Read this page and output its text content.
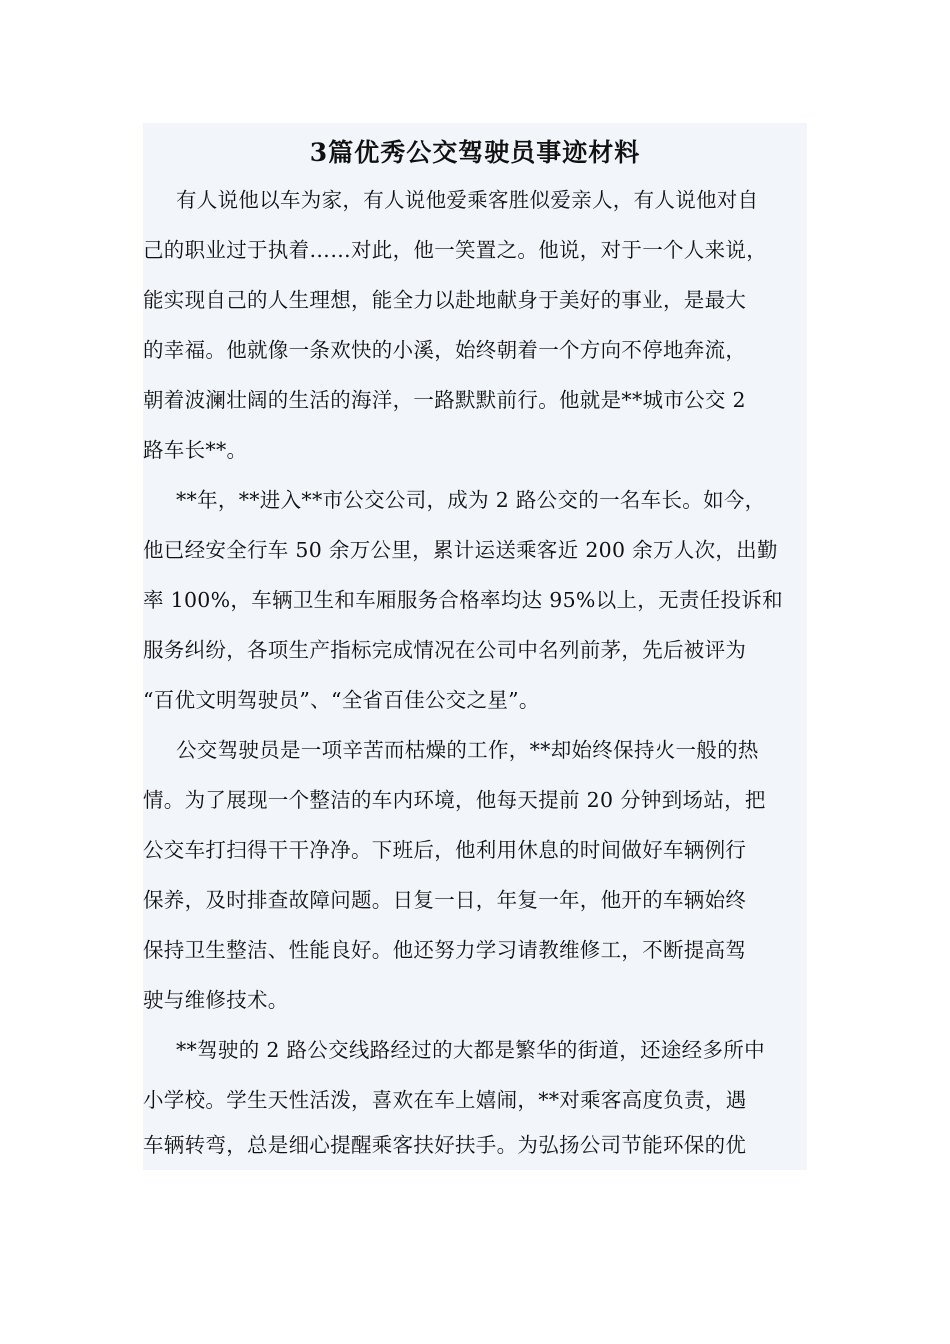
3篇优秀公交驾驶员事迹材料
有人说他以车为家，有人说他爱乘客胜似爱亲人，有人说他对自
己的职业过于执着……对此，他一笑置之。他说，对于一个人来说，
能实现自己的人生理想，能全力以赴地献身于美好的事业，是最大
的幸福。他就像一条欢快的小溪，始终朝着一个方向不停地奔流，
朝着波澜壮阔的生活的海洋，一路默默前行。他就是**城市公交 2
路车长**。
**年，**进入**市公交公司，成为 2 路公交的一名车长。如今，
他已经安全行车 50 余万公里，累计运送乘客近 200 余万人次，出勤
率 100%，车辆卫生和车厢服务合格率均达 95%以上，无责任投诉和
服务纠纷，各项生产指标完成情况在公司中名列前茅，先后被评为
“百优文明驾驶员”、“全省百佳公交之星”。
公交驾驶员是一项辛苦而枯燥的工作，**却始终保持火一般的热
情。为了展现一个整洁的车内环境，他每天提前 20 分钟到场站，把
公交车打扫得干干净净。下班后，他利用休息的时间做好车辆例行
保养，及时排查故障问题。日复一日，年复一年，他开的车辆始终
保持卫生整洁、性能良好。他还努力学习请教维修工，不断提高驾
驶与维修技术。
**驾驶的 2 路公交线路经过的大都是繁华的街道，还途经多所中
小学校。学生天性活泼，喜欢在车上嬉闹，**对乘客高度负责，遇
车辆转弯，总是细心提醒乘客扶好扶手。为弘扬公司节能环保的优
